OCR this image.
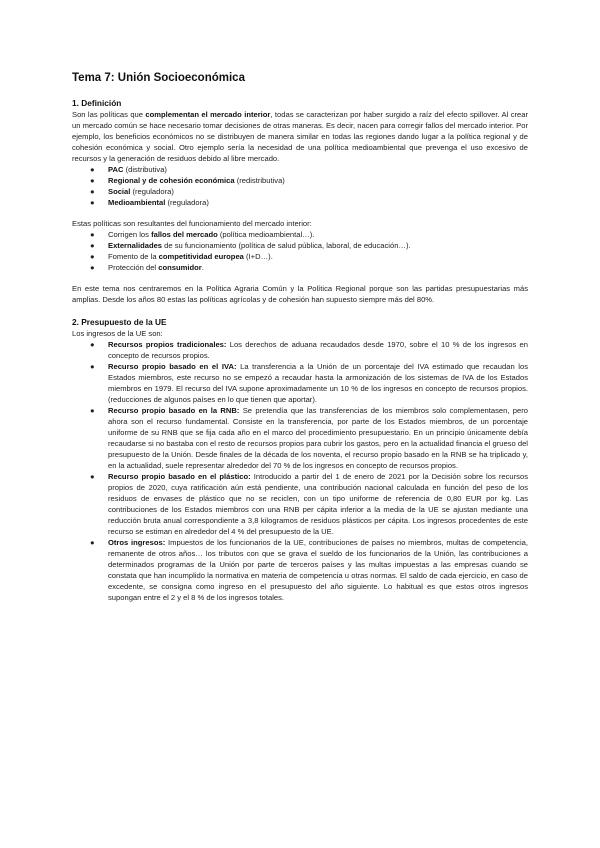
Tema 7: Unión Socioeconómica
1. Definición

Son las políticas que complementan el mercado interior, todas se caracterizan por haber surgido a raíz del efecto spillover. Al crear un mercado común se hace necesario tomar decisiones de otras maneras. Es decir, nacen para corregir fallos del mercado interior. Por ejemplo, los beneficios económicos no se distribuyen de manera similar en todas las regiones dando lugar a la política regional y de cohesión económica y social. Otro ejemplo sería la necesidad de una política medioambiental que prevenga el uso excesivo de recursos y la generación de residuos debido al libre mercado.

● PAC (distributiva)
● Regional y de cohesión económica (redistributiva)
● Social (reguladora)
● Medioambiental (reguladora)

Estas políticas son resultantes del funcionamiento del mercado interior:

● Corrigen los fallos del mercado (política medioambiental…).
● Externalidades de su funcionamiento (política de salud pública, laboral, de educación…).
● Fomento de la competitividad europea (I+D…).
● Protección del consumidor.

En este tema nos centraremos en la Política Agraria Común y la Política Regional porque son las partidas presupuestarias más amplias. Desde los años 80 estas las políticas agrícolas y de cohesión han supuesto siempre más del 80%.

2. Presupuesto de la UE

Los ingresos de la UE son:

● Recursos propios tradicionales: Los derechos de aduana recaudados desde 1970, sobre el 10 % de los ingresos en concepto de recursos propios.
● Recurso propio basado en el IVA: La transferencia a la Unión de un porcentaje del IVA estimado que recaudan los Estados miembros, este recurso no se empezó a recaudar hasta la armonización de los sistemas de IVA de los Estados miembros en 1979. El recurso del IVA supone aproximadamente un 10 % de los ingresos en concepto de recursos propios. (reducciones de algunos países en lo que tienen que aportar).
● Recurso propio basado en la RNB: Se pretendía que las transferencias de los miembros solo complementasen, pero ahora son el recurso fundamental. Consiste en la transferencia, por parte de los Estados miembros, de un porcentaje uniforme de su RNB que se fija cada año en el marco del procedimiento presupuestario. En un principio únicamente debía recaudarse si no bastaba con el resto de recursos propios para cubrir los gastos, pero en la actualidad financia el grueso del presupuesto de la Unión. Desde finales de la década de los noventa, el recurso propio basado en la RNB se ha triplicado y, en la actualidad, suele representar alrededor del 70 % de los ingresos en concepto de recursos propios.
● Recurso propio basado en el plástico: Introducido a partir del 1 de enero de 2021 por la Decisión sobre los recursos propios de 2020, cuya ratificación aún está pendiente, una contribución nacional calculada en función del peso de los residuos de envases de plástico que no se reciclen, con un tipo uniforme de referencia de 0,80 EUR por kg. Las contribuciones de los Estados miembros con una RNB per cápita inferior a la media de la UE se ajustan mediante una reducción bruta anual correspondiente a 3,8 kilogramos de residuos plásticos per cápita. Los ingresos procedentes de este recurso se estiman en alrededor del 4 % del presupuesto de la UE.
● Otros ingresos: Impuestos de los funcionarios de la UE, contribuciones de países no miembros, multas de competencia, remanente de otros años… los tributos con que se grava el sueldo de los funcionarios de la Unión, las contribuciones a determinados programas de la Unión por parte de terceros países y las multas impuestas a las empresas cuando se constata que han incumplido la normativa en materia de competencia u otras normas. El saldo de cada ejercicio, en caso de excedente, se consigna como ingreso en el presupuesto del año siguiente. Lo habitual es que estos otros ingresos supongan entre el 2 y el 8 % de los ingresos totales.
